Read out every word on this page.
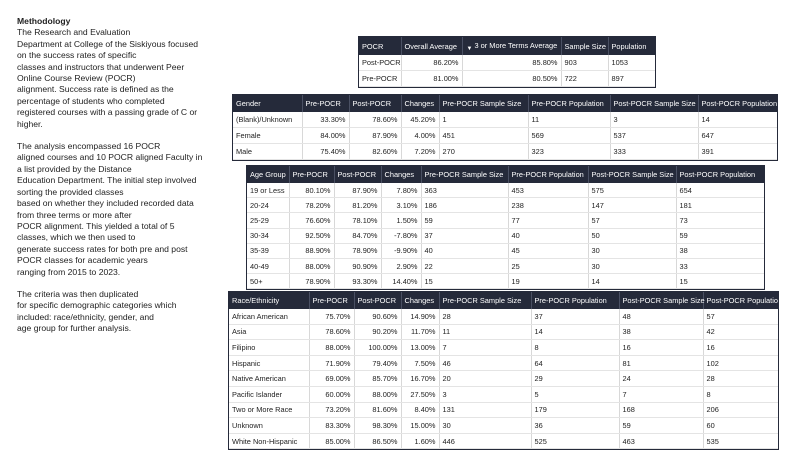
Methodology
The Research and Evaluation
Department at College of the Siskiyous focused
on the success rates of specific
classes and instructors that underwent Peer
Online Course Review (POCR)
alignment. Success rate is defined as the
percentage of students who completed
registered courses with a passing grade of C or
higher.

The analysis encompassed 16 POCR
aligned courses and 10 POCR aligned Faculty in
a list provided by the Distance
Education Department. The initial step involved
sorting the provided classes
based on whether they included recorded data
from three terms or more after
POCR alignment. This yielded a total of 5
classes, which we then used to
generate success rates for both pre and post
POCR classes for academic years
ranging from 2015 to 2023.

The criteria was then duplicated
for specific demographic categories which
included: race/ethnicity, gender, and
age group for further analysis.

POCR	Overall Average	$_▼$ 3 or More Terms Average	Sample Size	Population
Post-POCR	86.20%	85.80%	903	1053
Pre-POCR	81.00%	80.50%	722	897
Gender	Pre-POCR	Post-POCR	Changes	Pre-POCR Sample Size	Pre-POCR Population	Post-POCR Sample Size	Post-POCR Population
(Blank)/Unknown	33.30%	78.60%	45.20%	1	11	3	14
Female	84.00%	87.90%	4.00%	451	569	537	647
Male	75.40%	82.60%	7.20%	270	323	333	391
Age Group	Pre-POCR	Post-POCR	Changes	Pre-POCR Sample Size	Pre-POCR Population	Post-POCR Sample Size	Post-POCR Population
19 or Less	80.10%	87.90%	7.80%	363	453	575	654
20-24	78.20%	81.20%	3.10%	186	238	147	181
25-29	76.60%	78.10%	1.50%	59	77	57	73
30-34	92.50%	84.70%	-7.80%	37	40	50	59
35-39	88.90%	78.90%	-9.90%	40	45	30	38
40-49	88.00%	90.90%	2.90%	22	25	30	33
50+	78.90%	93.30%	14.40%	15	19	14	15
Race/Ethnicity	Pre-POCR	Post-POCR	Changes	Pre-POCR Sample Size	Pre-POCR Population	Post-POCR Sample Size	Post-POCR Population
African American	75.70%	90.60%	14.90%	28	37	48	57
Asia	78.60%	90.20%	11.70%	11	14	38	42
Filipino	88.00%	100.00%	13.00%	7	8	16	16
Hispanic	71.90%	79.40%	7.50%	46	64	81	102
Native American	69.00%	85.70%	16.70%	20	29	24	28
Pacific Islander	60.00%	88.00%	27.50%	3	5	7	8
Two or More Race	73.20%	81.60%	8.40%	131	179	168	206
Unknown	83.30%	98.30%	15.00%	30	36	59	60
White Non-Hispanic	85.00%	86.50%	1.60%	446	525	463	535
